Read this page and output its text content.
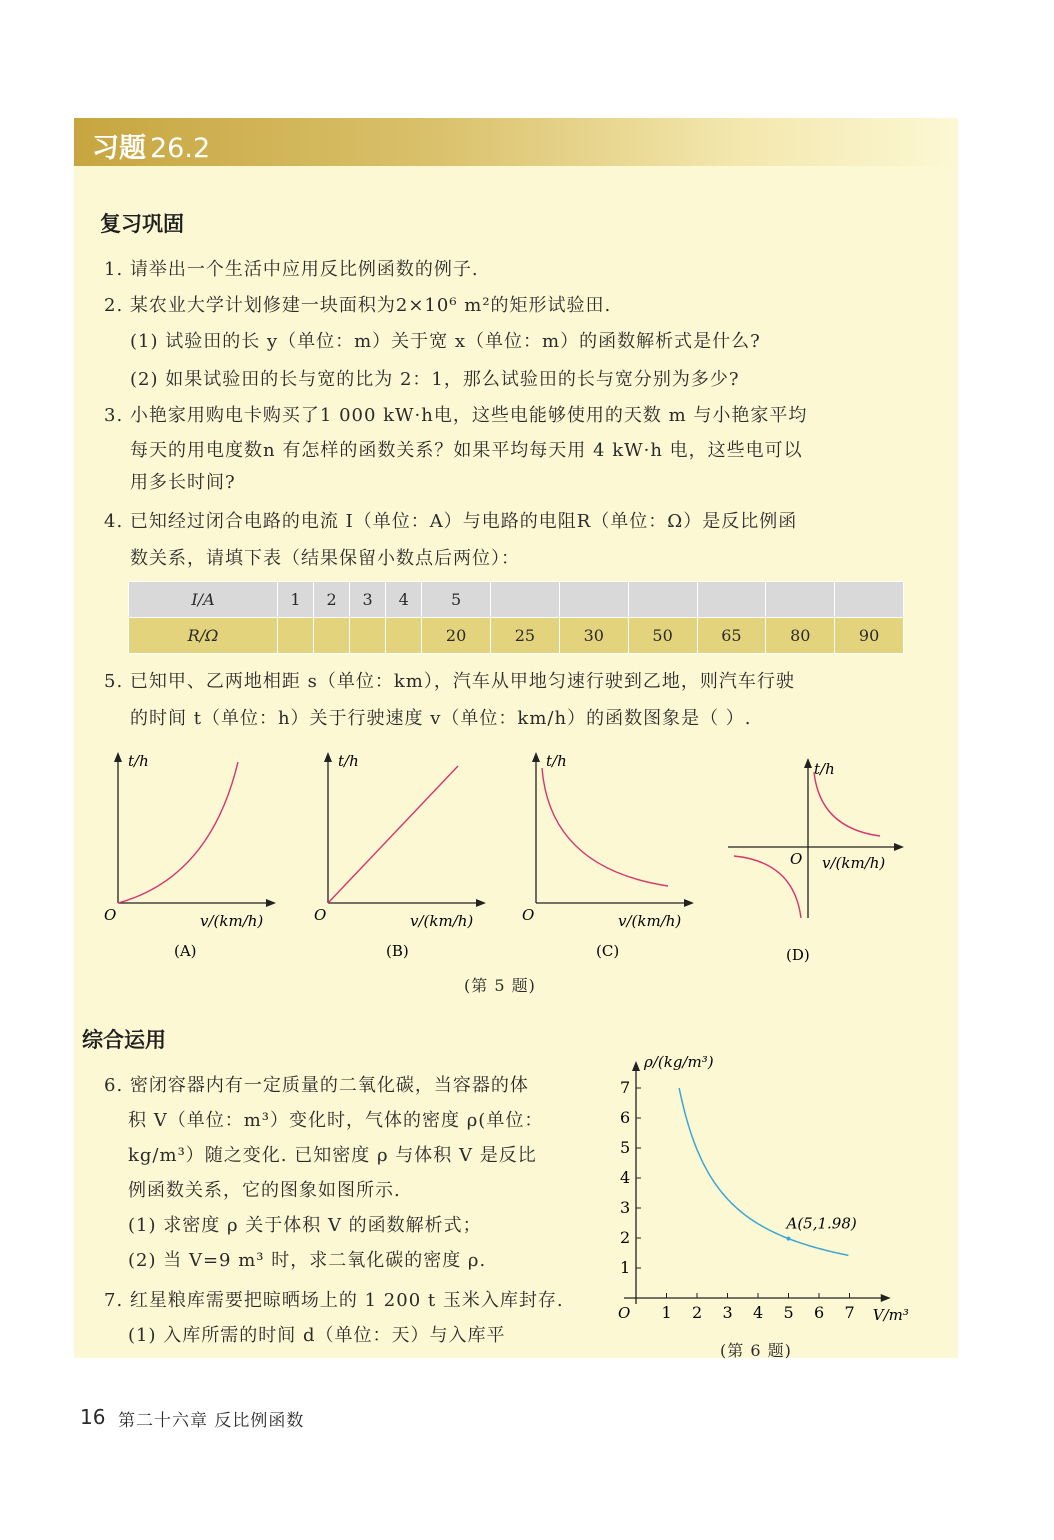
习题 26.2
复习巩固
1. 请举出一个生活中应用反比例函数的例子.
2. 某农业大学计划修建一块面积为2×10⁶ m²的矩形试验田.
(1) 试验田的长 y（单位：m）关于宽 x（单位：m）的函数解析式是什么?
(2) 如果试验田的长与宽的比为 2：1，那么试验田的长与宽分别为多少?
3. 小艳家用购电卡购买了1 000 kW·h电，这些电能够使用的天数 m 与小艳家平均
每天的用电度数n 有怎样的函数关系？如果平均每天用 4 kW·h 电，这些电可以
用多长时间?
4. 已知经过闭合电路的电流 I（单位：A）与电路的电阻R（单位：Ω）是反比例函
数关系，请填下表（结果保留小数点后两位）：
I/A	1	2	3	4	5						
R/Ω					20	25	30	50	65	80	90
5. 已知甲、乙两地相距 s（单位：km），汽车从甲地匀速行驶到乙地，则汽车行驶
的时间 t（单位：h）关于行驶速度 v（单位：km/h）的函数图象是（ ）.
t/h
O	v/(km/h)
(A)
t/h
O	v/(km/h)
(B)
t/h
O	v/(km/h)
(C)
t/h
O v/(km/h)
(D)
(第 5 题)
综合运用
6. 密闭容器内有一定质量的二氧化碳，当容器的体
积 V（单位：m³）变化时，气体的密度 ρ(单位：
kg/m³）随之变化. 已知密度 ρ 与体积 V 是反比
例函数关系，它的图象如图所示.
(1) 求密度 ρ 关于体积 V 的函数解析式；
(2) 当 V=9 m³ 时，求二氧化碳的密度 ρ.
7. 红星粮库需要把晾晒场上的 1 200 t 玉米入库封存.
(1) 入库所需的时间 d（单位：天）与入库平
1 2 3 4 5 6 7
1
2
3
4
5
6
7
A(5,1.98)
ρ/(kg/m³)
V/m³
O
(第 6 题)
16 第二十六章 反比例函数
